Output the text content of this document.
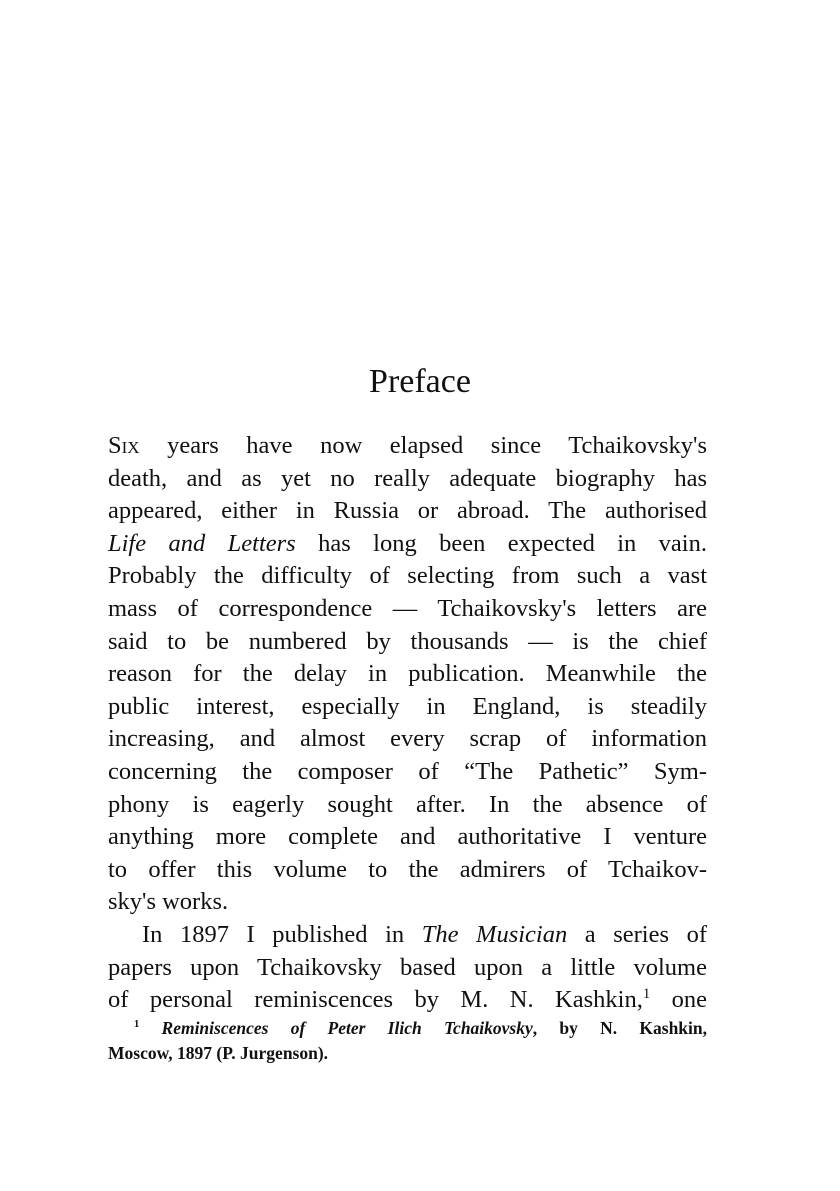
Preface
Six years have now elapsed since Tchaikovsky's
death, and as yet no really adequate biography has
appeared, either in Russia or abroad. The authorised
Life and Letters has long been expected in vain.
Probably the difficulty of selecting from such a vast
mass of correspondence — Tchaikovsky's letters are
said to be numbered by thousands — is the chief
reason for the delay in publication. Meanwhile the
public interest, especially in England, is steadily
increasing, and almost every scrap of information
concerning the composer of “The Pathetic” Sym-
phony is eagerly sought after. In the absence of
anything more complete and authoritative I venture
to offer this volume to the admirers of Tchaikov-
sky's works.
In 1897 I published in The Musician a series of
papers upon Tchaikovsky based upon a little volume
of personal reminiscences by M. N. Kashkin,$^1$ one
$^1$ Reminiscences of Peter Ilich Tchaikovsky, by N. Kashkin,
Moscow, 1897 (P. Jurgenson).
